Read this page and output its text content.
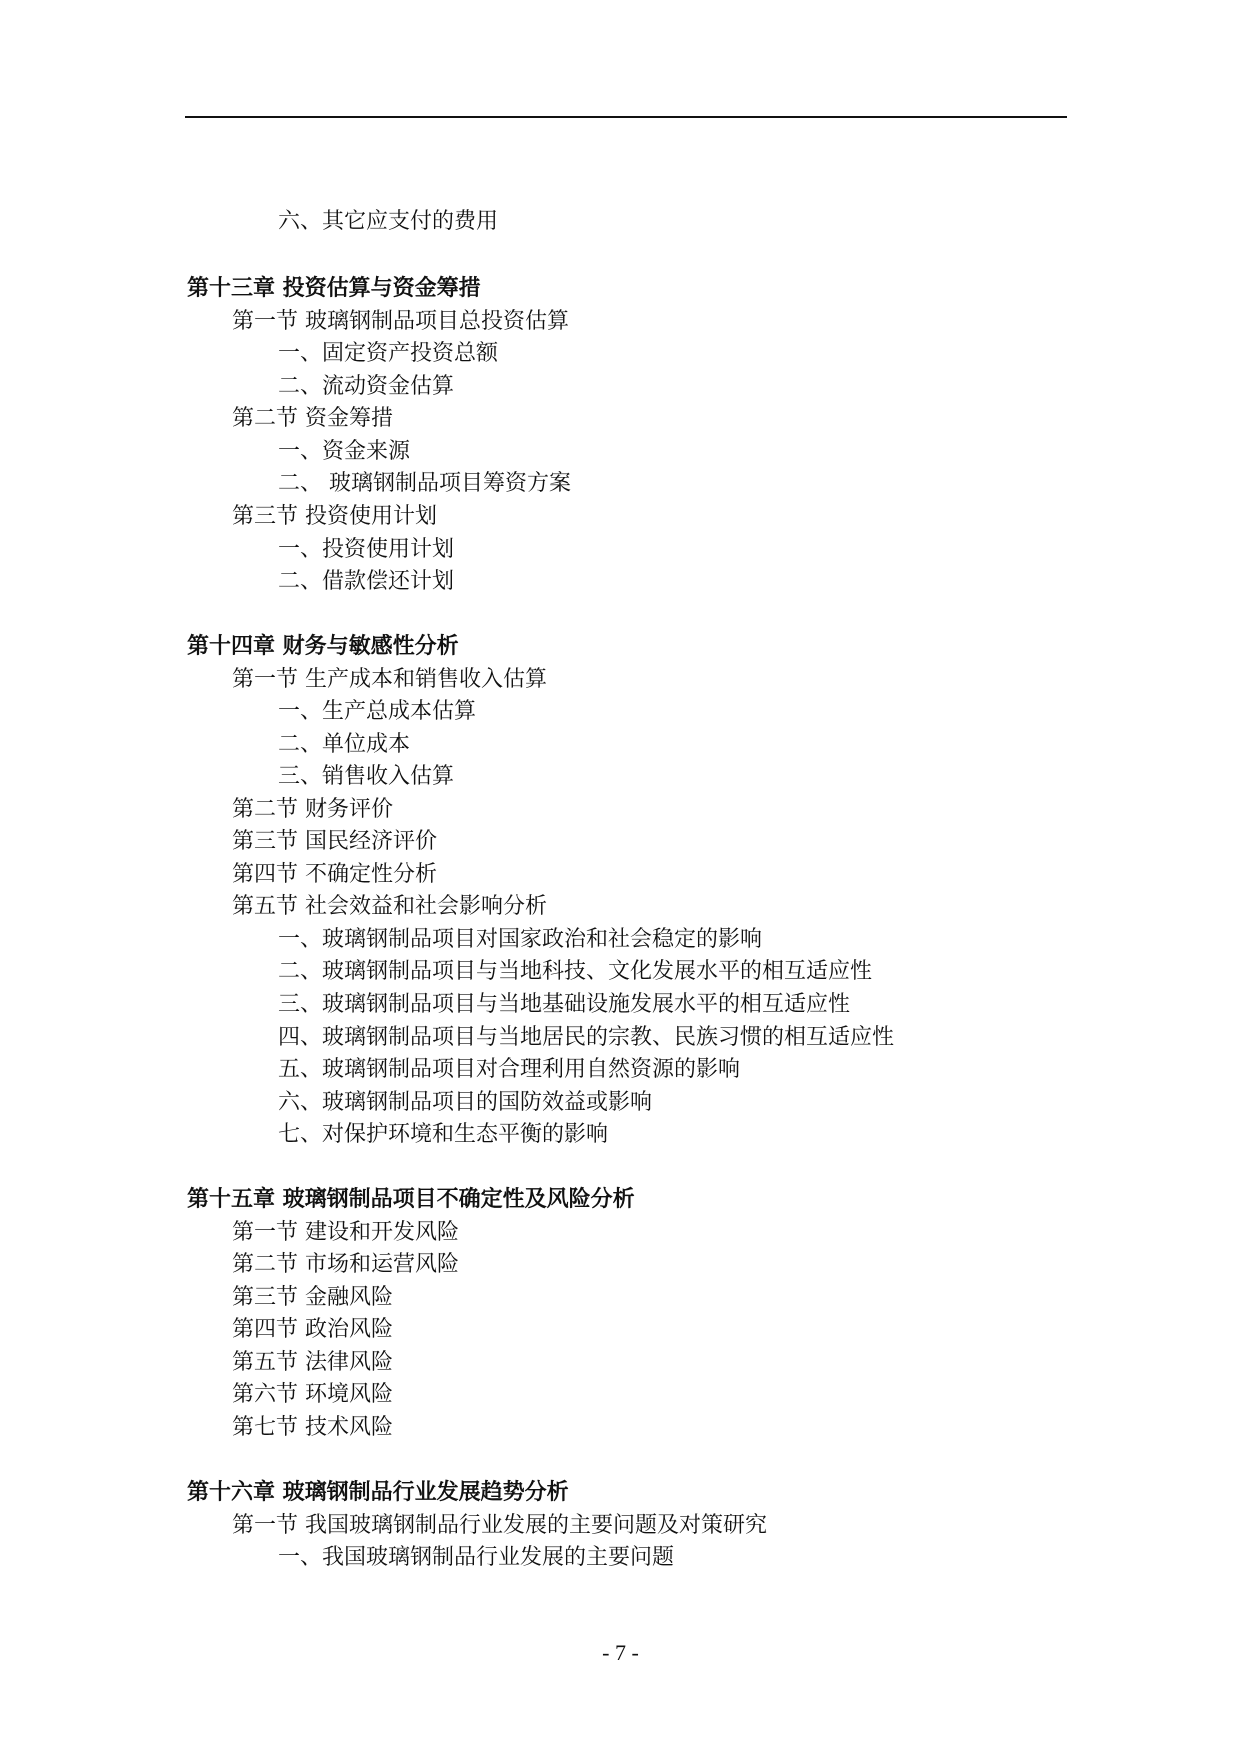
六、其它应支付的费用
第十三章 投资估算与资金筹措
第一节 玻璃钢制品项目总投资估算
一、固定资产投资总额
二、流动资金估算
第二节 资金筹措
一、资金来源
二、 玻璃钢制品项目筹资方案
第三节 投资使用计划
一、投资使用计划
二、借款偿还计划
第十四章 财务与敏感性分析
第一节 生产成本和销售收入估算
一、生产总成本估算
二、单位成本
三、销售收入估算
第二节 财务评价
第三节 国民经济评价
第四节 不确定性分析
第五节 社会效益和社会影响分析
一、玻璃钢制品项目对国家政治和社会稳定的影响
二、玻璃钢制品项目与当地科技、文化发展水平的相互适应性
三、玻璃钢制品项目与当地基础设施发展水平的相互适应性
四、玻璃钢制品项目与当地居民的宗教、民族习惯的相互适应性
五、玻璃钢制品项目对合理利用自然资源的影响
六、玻璃钢制品项目的国防效益或影响
七、对保护环境和生态平衡的影响
第十五章 玻璃钢制品项目不确定性及风险分析
第一节 建设和开发风险
第二节 市场和运营风险
第三节 金融风险
第四节 政治风险
第五节 法律风险
第六节 环境风险
第七节 技术风险
第十六章 玻璃钢制品行业发展趋势分析
第一节 我国玻璃钢制品行业发展的主要问题及对策研究
一、我国玻璃钢制品行业发展的主要问题
- 7 -
